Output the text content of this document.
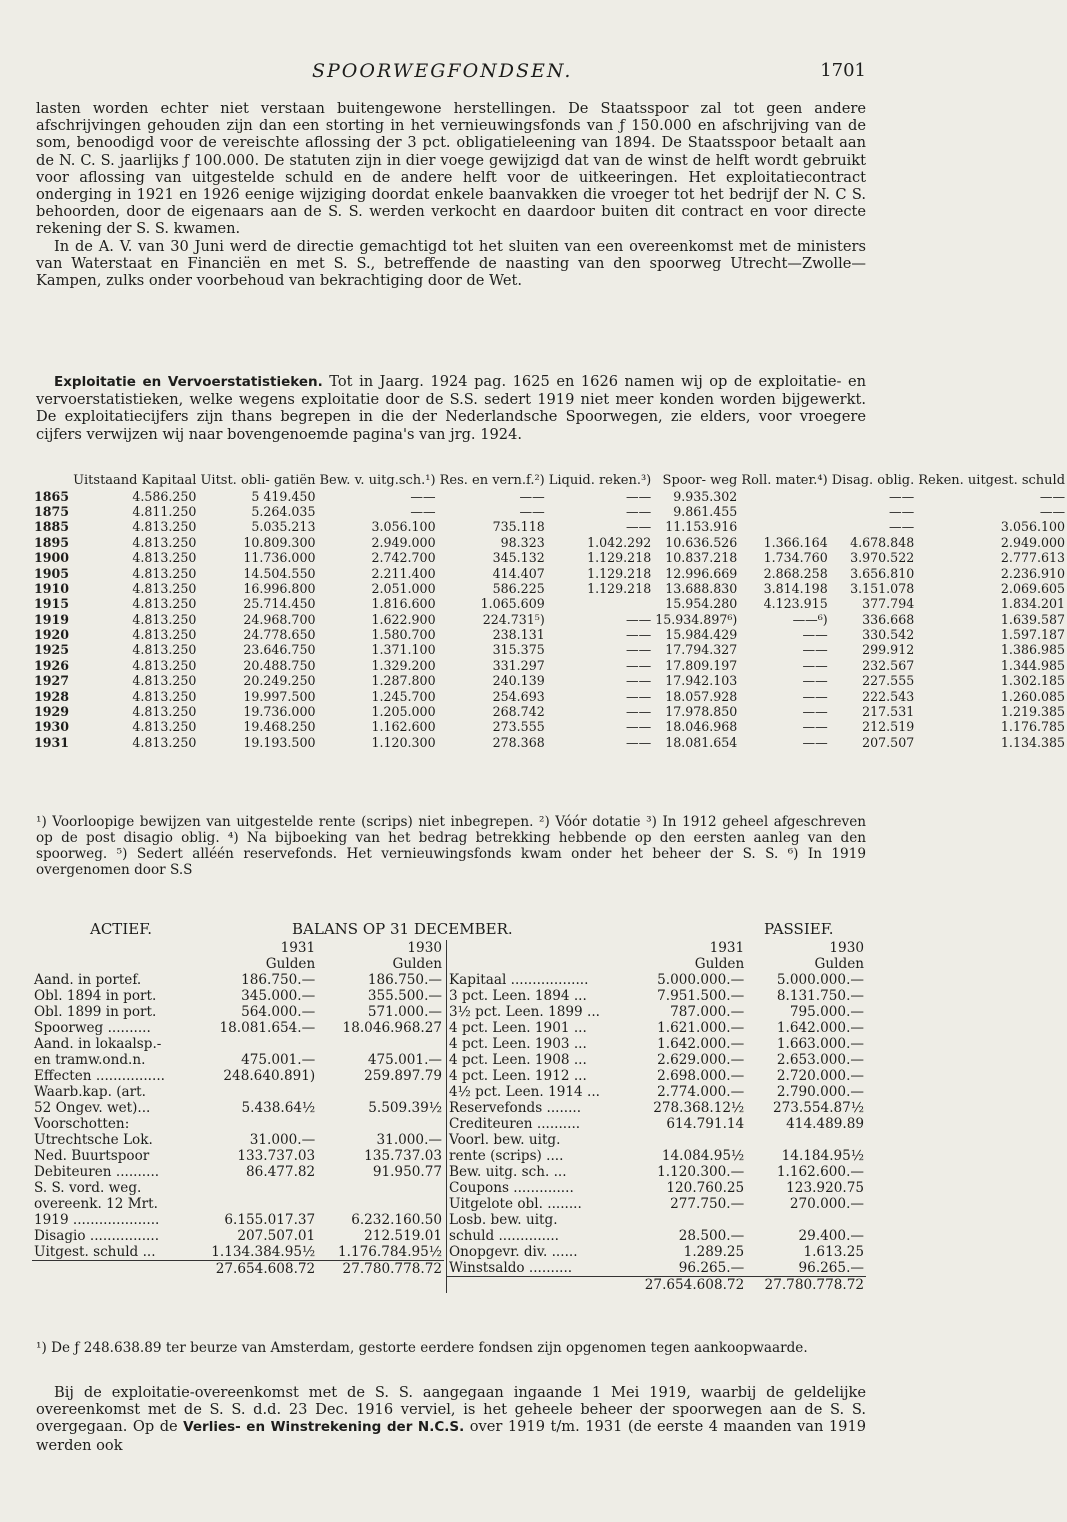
SPOORWEGFONDSEN.	1701

lasten worden echter niet verstaan buitengewone herstellingen. De Staatsspoor zal tot geen andere afschrijvingen gehouden zijn dan een storting in het vernieuwingsfonds van ƒ 150.000 en afschrijving van de som, benoodigd voor de vereischte aflossing der 3 pct. obligatieleening van 1894. De Staatsspoor betaalt aan de N. C. S. jaarlijks ƒ 100.000. De statuten zijn in dier voege gewijzigd dat van de winst de helft wordt gebruikt voor aflossing van uitgestelde schuld en de andere helft voor de uitkeeringen. Het exploitatiecontract onderging in 1921 en 1926 eenige wijziging doordat enkele baanvakken die vroeger tot het bedrijf der N. C S. behoorden, door de eigenaars aan de S. S. werden verkocht en daardoor buiten dit contract en voor directe rekening der S. S. kwamen.

In de A. V. van 30 Juni werd de directie gemachtigd tot het sluiten van een overeenkomst met de ministers van Waterstaat en Financiën en met S. S., betreffende de naasting van den spoorweg Utrecht—Zwolle—Kampen, zulks onder voorbehoud van bekrachtiging door de Wet.

Exploitatie en Vervoerstatistieken. Tot in Jaarg. 1924 pag. 1625 en 1626 namen wij op de exploitatie- en vervoerstatistieken, welke wegens exploitatie door de S.S. sedert 1919 niet meer konden worden bijgewerkt. De exploitatiecijfers zijn thans begrepen in die der Nederlandsche Spoorwegen, zie elders, voor vroegere cijfers verwijzen wij naar bovengenoemde pagina's van jrg. 1924.

	Uitstaand Kapitaal	Uitst. obli- gatiën	Bew. v. uitg.sch.¹)	Res. en vern.f.²)	Liquid. reken.³)	Spoor- weg	Roll. mater.⁴)	Disag. oblig.	Reken. uitgest. schuld
1865	4.586.250	5 419.450	——	——	——	9.935.302		——	——
1875	4.811.250	5.264.035	——	——	——	9.861.455		——	——
1885	4.813.250	5.035.213	3.056.100	735.118	——	11.153.916		——	3.056.100
1895	4.813.250	10.809.300	2.949.000	98.323	1.042.292	10.636.526	1.366.164	4.678.848	2.949.000
1900	4.813.250	11.736.000	2.742.700	345.132	1.129.218	10.837.218	1.734.760	3.970.522	2.777.613
1905	4.813.250	14.504.550	2.211.400	414.407	1.129.218	12.996.669	2.868.258	3.656.810	2.236.910
1910	4.813.250	16.996.800	2.051.000	586.225	1.129.218	13.688.830	3.814.198	3.151.078	2.069.605
1915	4.813.250	25.714.450	1.816.600	1.065.609		15.954.280	4.123.915	377.794	1.834.201
1919	4.813.250	24.968.700	1.622.900	224.731⁵)	——	15.934.897⁶)	——⁶)	336.668	1.639.587
1920	4.813.250	24.778.650	1.580.700	238.131	——	15.984.429	——	330.542	1.597.187
1925	4.813.250	23.646.750	1.371.100	315.375	——	17.794.327	——	299.912	1.386.985
1926	4.813.250	20.488.750	1.329.200	331.297	——	17.809.197	——	232.567	1.344.985
1927	4.813.250	20.249.250	1.287.800	240.139	——	17.942.103	——	227.555	1.302.185
1928	4.813.250	19.997.500	1.245.700	254.693	——	18.057.928	——	222.543	1.260.085
1929	4.813.250	19.736.000	1.205.000	268.742	——	17.978.850	——	217.531	1.219.385
1930	4.813.250	19.468.250	1.162.600	273.555	——	18.046.968	——	212.519	1.176.785
1931	4.813.250	19.193.500	1.120.300	278.368	——	18.081.654	——	207.507	1.134.385
¹) Voorloopige bewijzen van uitgestelde rente (scrips) niet inbegrepen. ²) Vóór dotatie ³) In 1912 geheel afgeschreven op de post disagio oblig. ⁴) Na bijboeking van het bedrag betrekking hebbende op den eersten aanleg van den spoorweg. ⁵) Sedert alléén reservefonds. Het vernieuwingsfonds kwam onder het beheer der S. S. ⁶) In 1919 overgenomen door S.S
ACTIEF.	BALANS OP 31 DECEMBER.	PASSIEF.
	1931	1930
	Gulden	Gulden
Aand. in portef.	186.750.—	186.750.—
Obl. 1894 in port.	345.000.—	355.500.—
Obl. 1899 in port.	564.000.—	571.000.—
Spoorweg ..........	18.081.654.—	18.046.968.27
Aand. in lokaalsp.-		
en tramw.ond.n.	475.001.—	475.001.—
Effecten ................	248.640.891)	259.897.79
Waarb.kap. (art.		
52 Ongev. wet)...	5.438.64½	5.509.39½
Voorschotten:		
Utrechtsche Lok.	31.000.—	31.000.—
Ned. Buurtspoor	133.737.03	135.737.03
Debiteuren ..........	86.477.82	91.950.77
S. S. vord. weg.		
overeenk. 12 Mrt.		
1919 ....................	6.155.017.37	6.232.160.50
Disagio ................	207.507.01	212.519.01
Uitgest. schuld ...	1.134.384.95½	1.176.784.95½
	27.654.608.72	27.780.778.72
	1931	1930
	Gulden	Gulden
Kapitaal ..................	5.000.000.—	5.000.000.—
3 pct. Leen. 1894 ...	7.951.500.—	8.131.750.—
3½ pct. Leen. 1899 ...	787.000.—	795.000.—
4 pct. Leen. 1901 ...	1.621.000.—	1.642.000.—
4 pct. Leen. 1903 ...	1.642.000.—	1.663.000.—
4 pct. Leen. 1908 ...	2.629.000.—	2.653.000.—
4 pct. Leen. 1912 ...	2.698.000.—	2.720.000.—
4½ pct. Leen. 1914 ...	2.774.000.—	2.790.000.—
Reservefonds ........	278.368.12½	273.554.87½
Crediteuren ..........	614.791.14	414.489.89
Voorl. bew. uitg.		
rente (scrips) ....	14.084.95½	14.184.95½
Bew. uitg. sch. ...	1.120.300.—	1.162.600.—
Coupons ..............	120.760.25	123.920.75
Uitgelote obl. ........	277.750.—	270.000.—
Losb. bew. uitg.		
schuld ..............	28.500.—	29.400.—
Onopgevr. div. ......	1.289.25	1.613.25
Winstsaldo ..........	96.265.—	96.265.—
	27.654.608.72	27.780.778.72
¹) De ƒ 248.638.89 ter beurze van Amsterdam, gestorte eerdere fondsen zijn opgenomen tegen aankoopwaarde.

Bij de exploitatie-overeenkomst met de S. S. aangegaan ingaande 1 Mei 1919, waarbij de geldelijke overeenkomst met de S. S. d.d. 23 Dec. 1916 verviel, is het geheele beheer der spoorwegen aan de S. S. overgegaan. Op de Verlies- en Winstrekening der N.C.S. over 1919 t/m. 1931 (de eerste 4 maanden van 1919 werden ook
